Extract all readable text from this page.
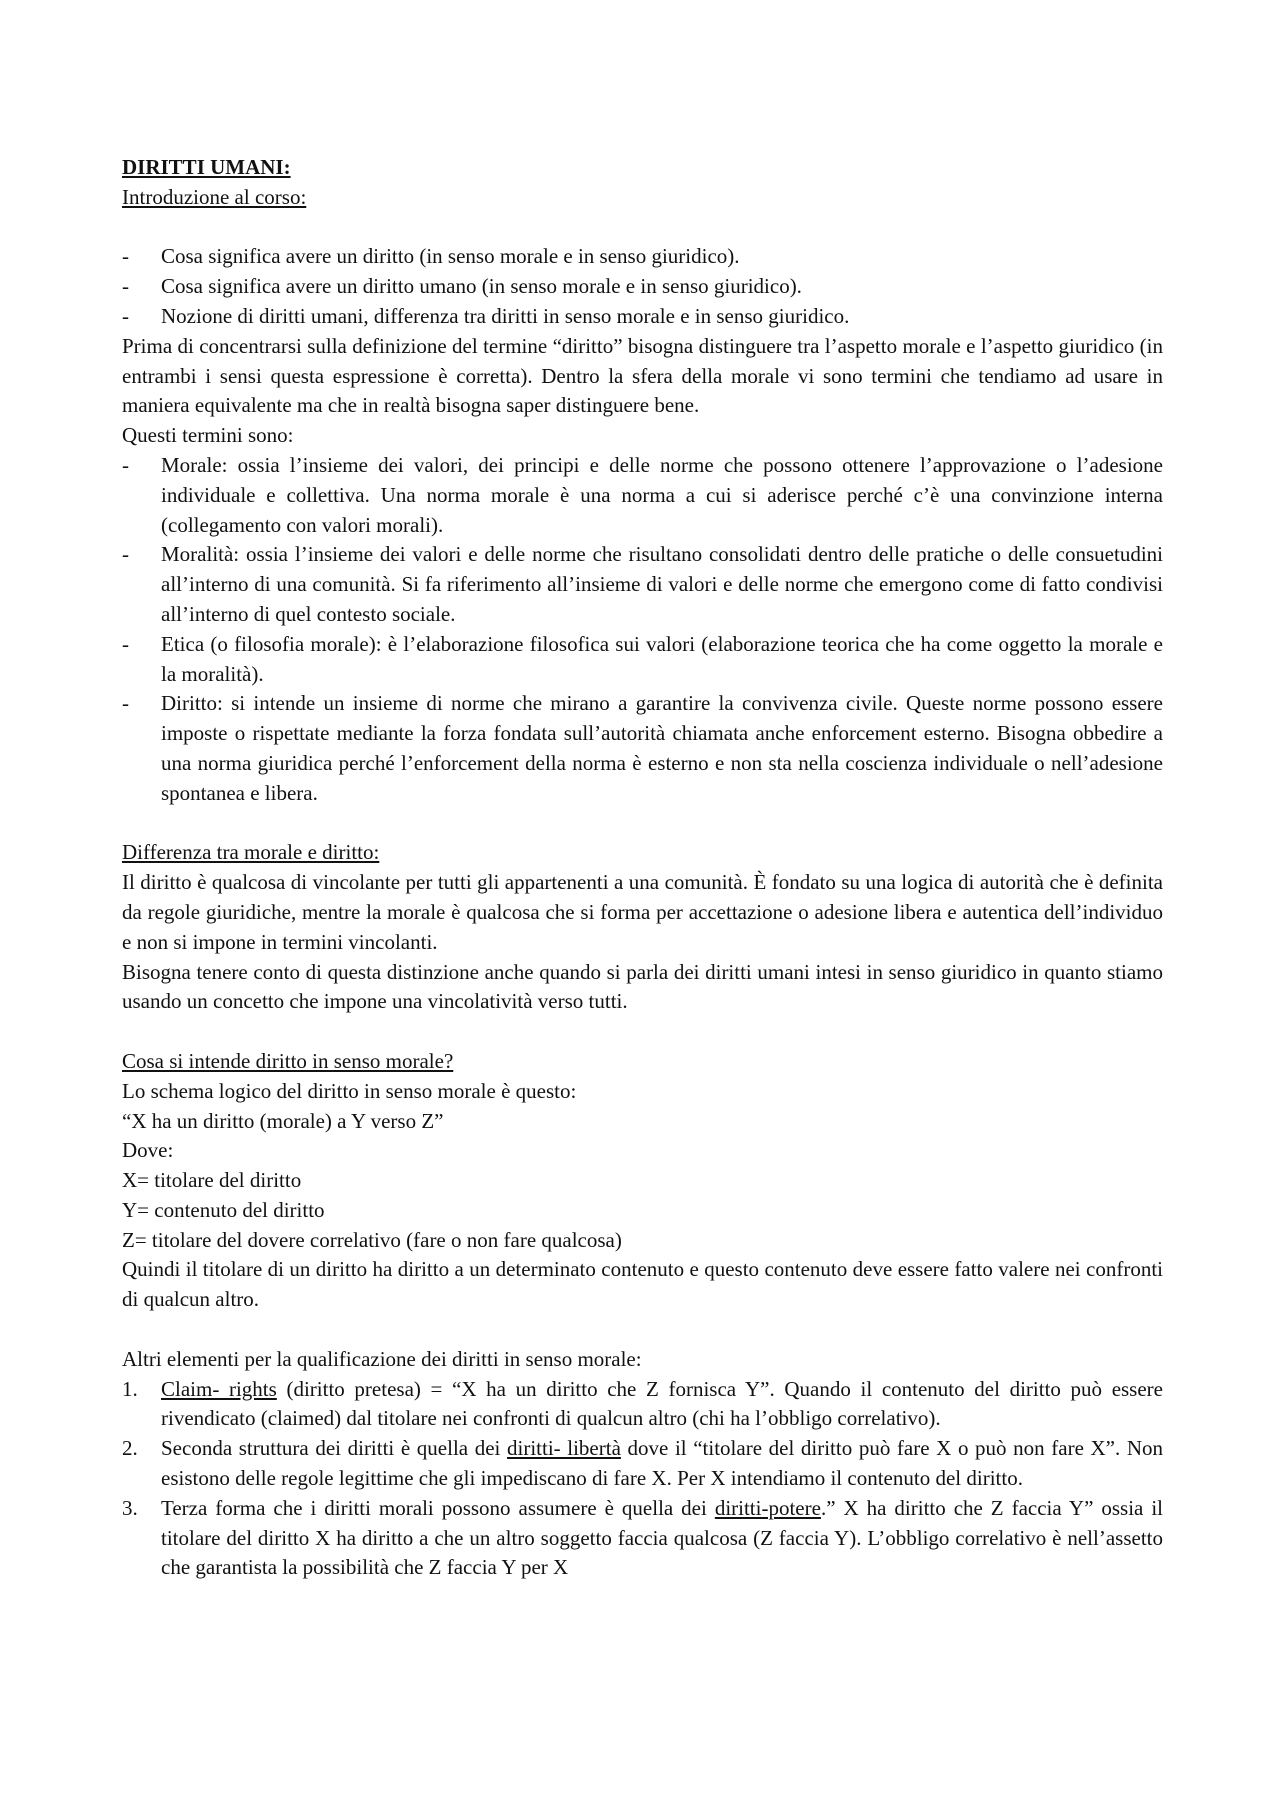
DIRITTI UMANI:

Introduzione al corso:

- Cosa significa avere un diritto (in senso morale e in senso giuridico).
- Cosa significa avere un diritto umano (in senso morale e in senso giuridico).
- Nozione di diritti umani, differenza tra diritti in senso morale e in senso giuridico.

Prima di concentrarsi sulla definizione del termine “diritto” bisogna distinguere tra l’aspetto morale e l’aspetto giuridico (in entrambi i sensi questa espressione è corretta). Dentro la sfera della morale vi sono termini che tendiamo ad usare in maniera equivalente ma che in realtà bisogna saper distinguere bene.

Questi termini sono:

- Morale: ossia l’insieme dei valori, dei principi e delle norme che possono ottenere l’approvazione o l’adesione individuale e collettiva. Una norma morale è una norma a cui si aderisce perché c’è una convinzione interna (collegamento con valori morali).
- Moralità: ossia l’insieme dei valori e delle norme che risultano consolidati dentro delle pratiche o delle consuetudini all’interno di una comunità. Si fa riferimento all’insieme di valori e delle norme che emergono come di fatto condivisi all’interno di quel contesto sociale.
- Etica (o filosofia morale): è l’elaborazione filosofica sui valori (elaborazione teorica che ha come oggetto la morale e la moralità).
- Diritto: si intende un insieme di norme che mirano a garantire la convivenza civile. Queste norme possono essere imposte o rispettate mediante la forza fondata sull’autorità chiamata anche enforcement esterno. Bisogna obbedire a una norma giuridica perché l’enforcement della norma è esterno e non sta nella coscienza individuale o nell’adesione spontanea e libera.

Differenza tra morale e diritto:

Il diritto è qualcosa di vincolante per tutti gli appartenenti a una comunità. È fondato su una logica di autorità che è definita da regole giuridiche, mentre la morale è qualcosa che si forma per accettazione o adesione libera e autentica dell’individuo e non si impone in termini vincolanti.

Bisogna tenere conto di questa distinzione anche quando si parla dei diritti umani intesi in senso giuridico in quanto stiamo usando un concetto che impone una vincolatività verso tutti.

Cosa si intende diritto in senso morale?

Lo schema logico del diritto in senso morale è questo:

“X ha un diritto (morale) a Y verso Z”

Dove:

X= titolare del diritto

Y= contenuto del diritto

Z= titolare del dovere correlativo (fare o non fare qualcosa)

Quindi il titolare di un diritto ha diritto a un determinato contenuto e questo contenuto deve essere fatto valere nei confronti di qualcun altro.

Altri elementi per la qualificazione dei diritti in senso morale:

1. Claim- rights (diritto pretesa) = “X ha un diritto che Z fornisca Y”. Quando il contenuto del diritto può essere rivendicato (claimed) dal titolare nei confronti di qualcun altro (chi ha l’obbligo correlativo).
2. Seconda struttura dei diritti è quella dei diritti- libertà dove il “titolare del diritto può fare X o può non fare X”. Non esistono delle regole legittime che gli impediscano di fare X. Per X intendiamo il contenuto del diritto.
3. Terza forma che i diritti morali possono assumere è quella dei diritti-potere.” X ha diritto che Z faccia Y” ossia il titolare del diritto X ha diritto a che un altro soggetto faccia qualcosa (Z faccia Y). L’obbligo correlativo è nell’assetto che garantista la possibilità che Z faccia Y per X
